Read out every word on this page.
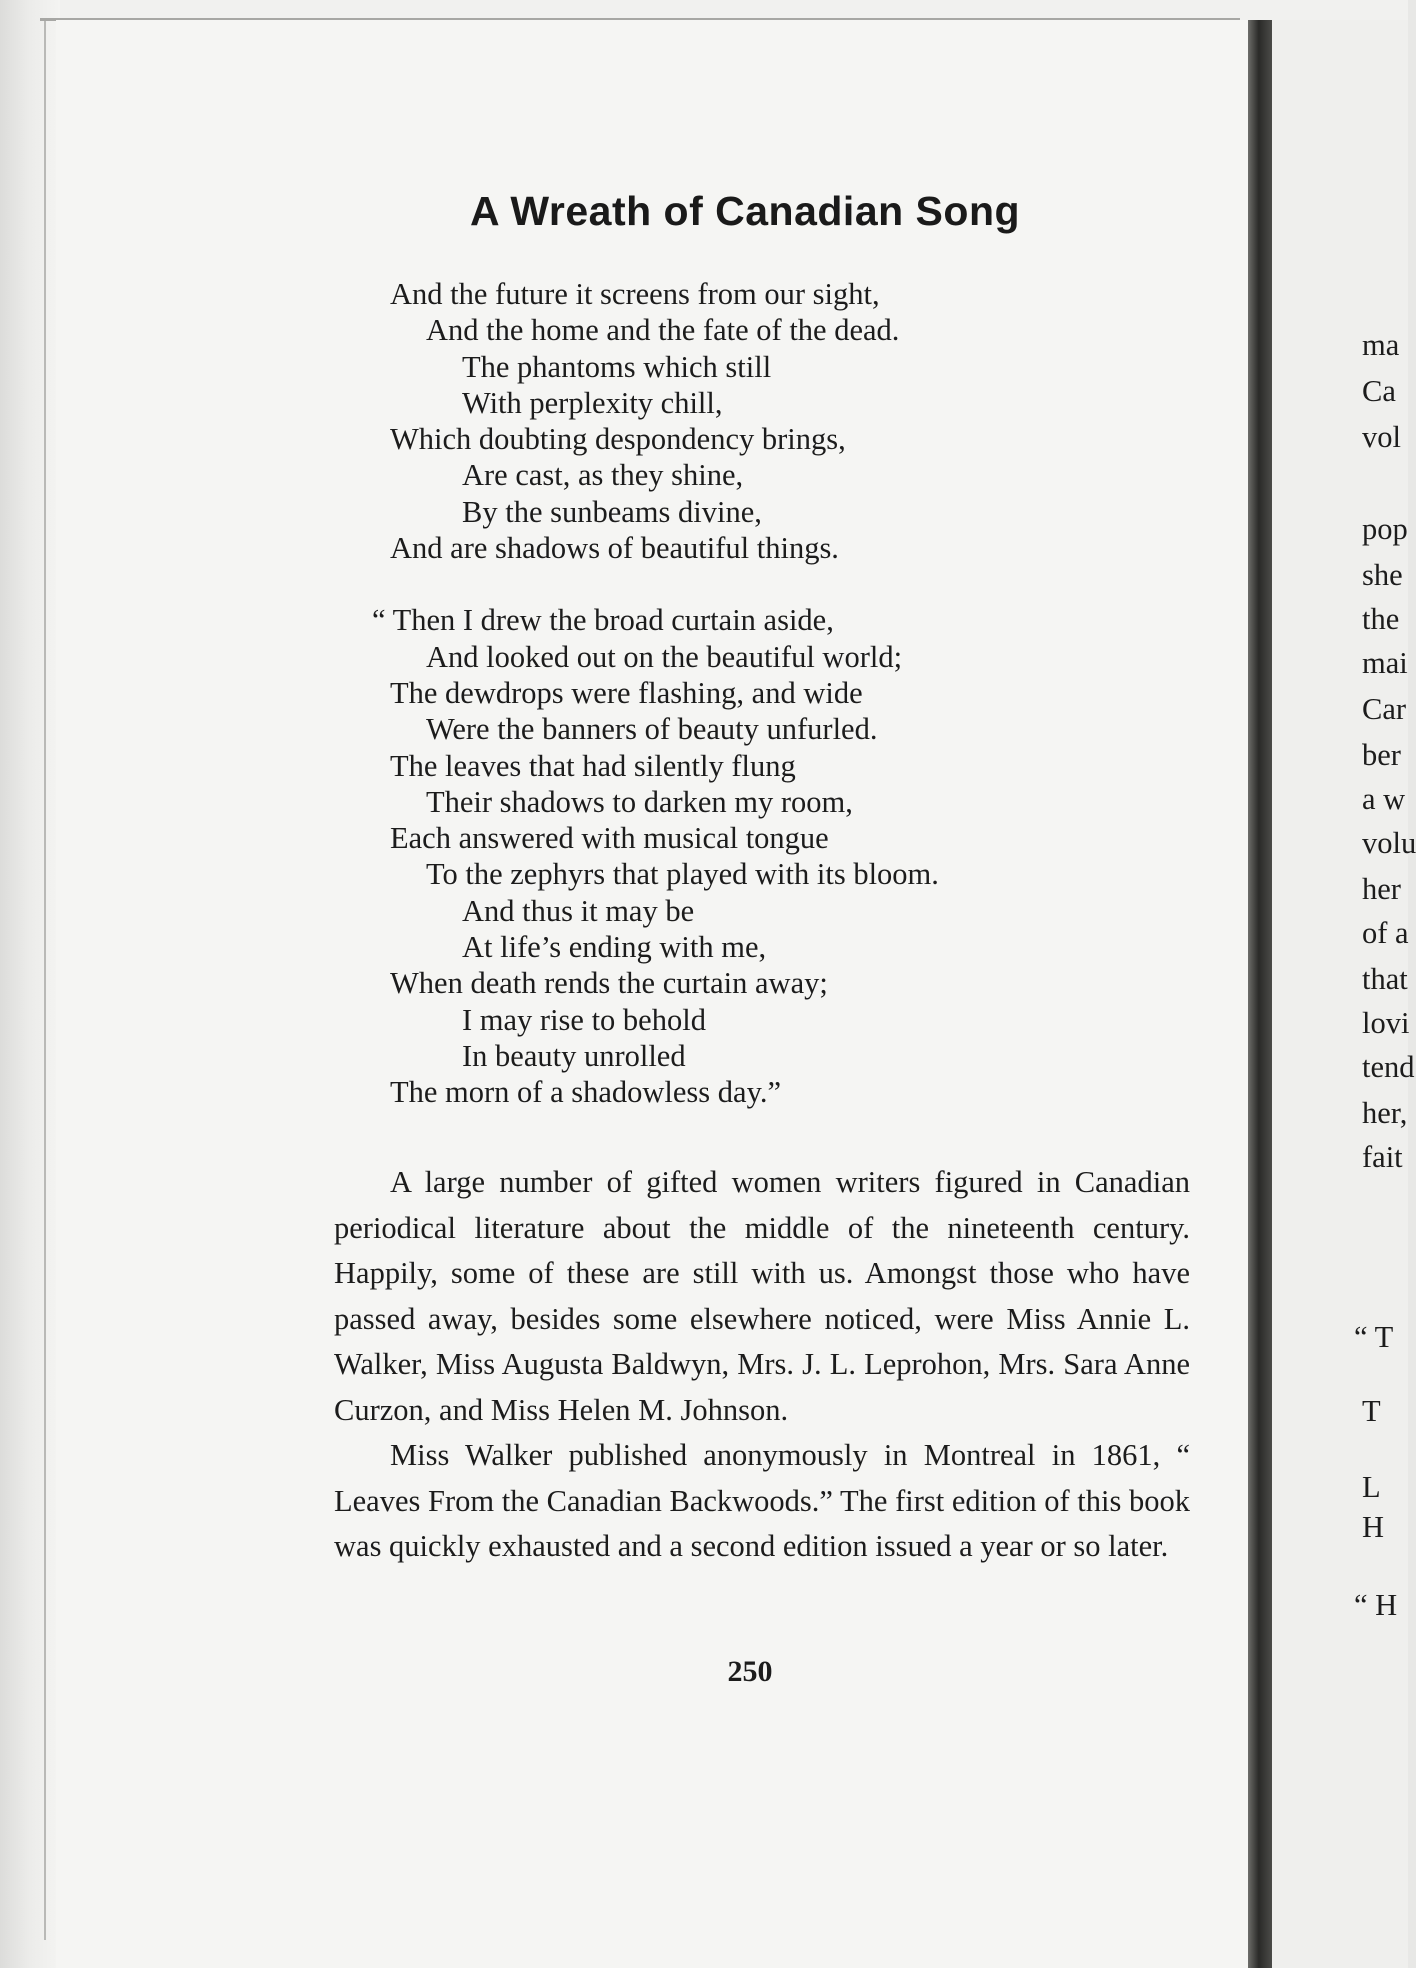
A Wreath of Canadian Song
And the future it screens from our sight,
And the home and the fate of the dead.
The phantoms which still
With perplexity chill,
Which doubting despondency brings,
Are cast, as they shine,
By the sunbeams divine,
And are shadows of beautiful things.
“ Then I drew the broad curtain aside,
And looked out on the beautiful world;
The dewdrops were flashing, and wide
Were the banners of beauty unfurled.
The leaves that had silently flung
Their shadows to darken my room,
Each answered with musical tongue
To the zephyrs that played with its bloom.
And thus it may be
At life’s ending with me,
When death rends the curtain away;
I may rise to behold
In beauty unrolled
The morn of a shadowless day.”

A large number of gifted women writers figured in Canadian periodical literature about the middle of the nineteenth century. Happily, some of these are still with us. Amongst those who have passed away, besides some elsewhere noticed, were Miss Annie L. Walker, Miss Augusta Baldwyn, Mrs. J. L. Leprohon, Mrs. Sara Anne Curzon, and Miss Helen M. Johnson.

Miss Walker published anonymously in Montreal in 1861, “ Leaves From the Canadian Backwoods.” The first edition of this book was quickly exhausted and a second edition issued a year or so later.

250
ma
Ca
vol
pop
she
the
mai
Car
ber
a w
volu
her
of a
that
lovi
tend
her,
fait
“ T
T
L
H
“ H
